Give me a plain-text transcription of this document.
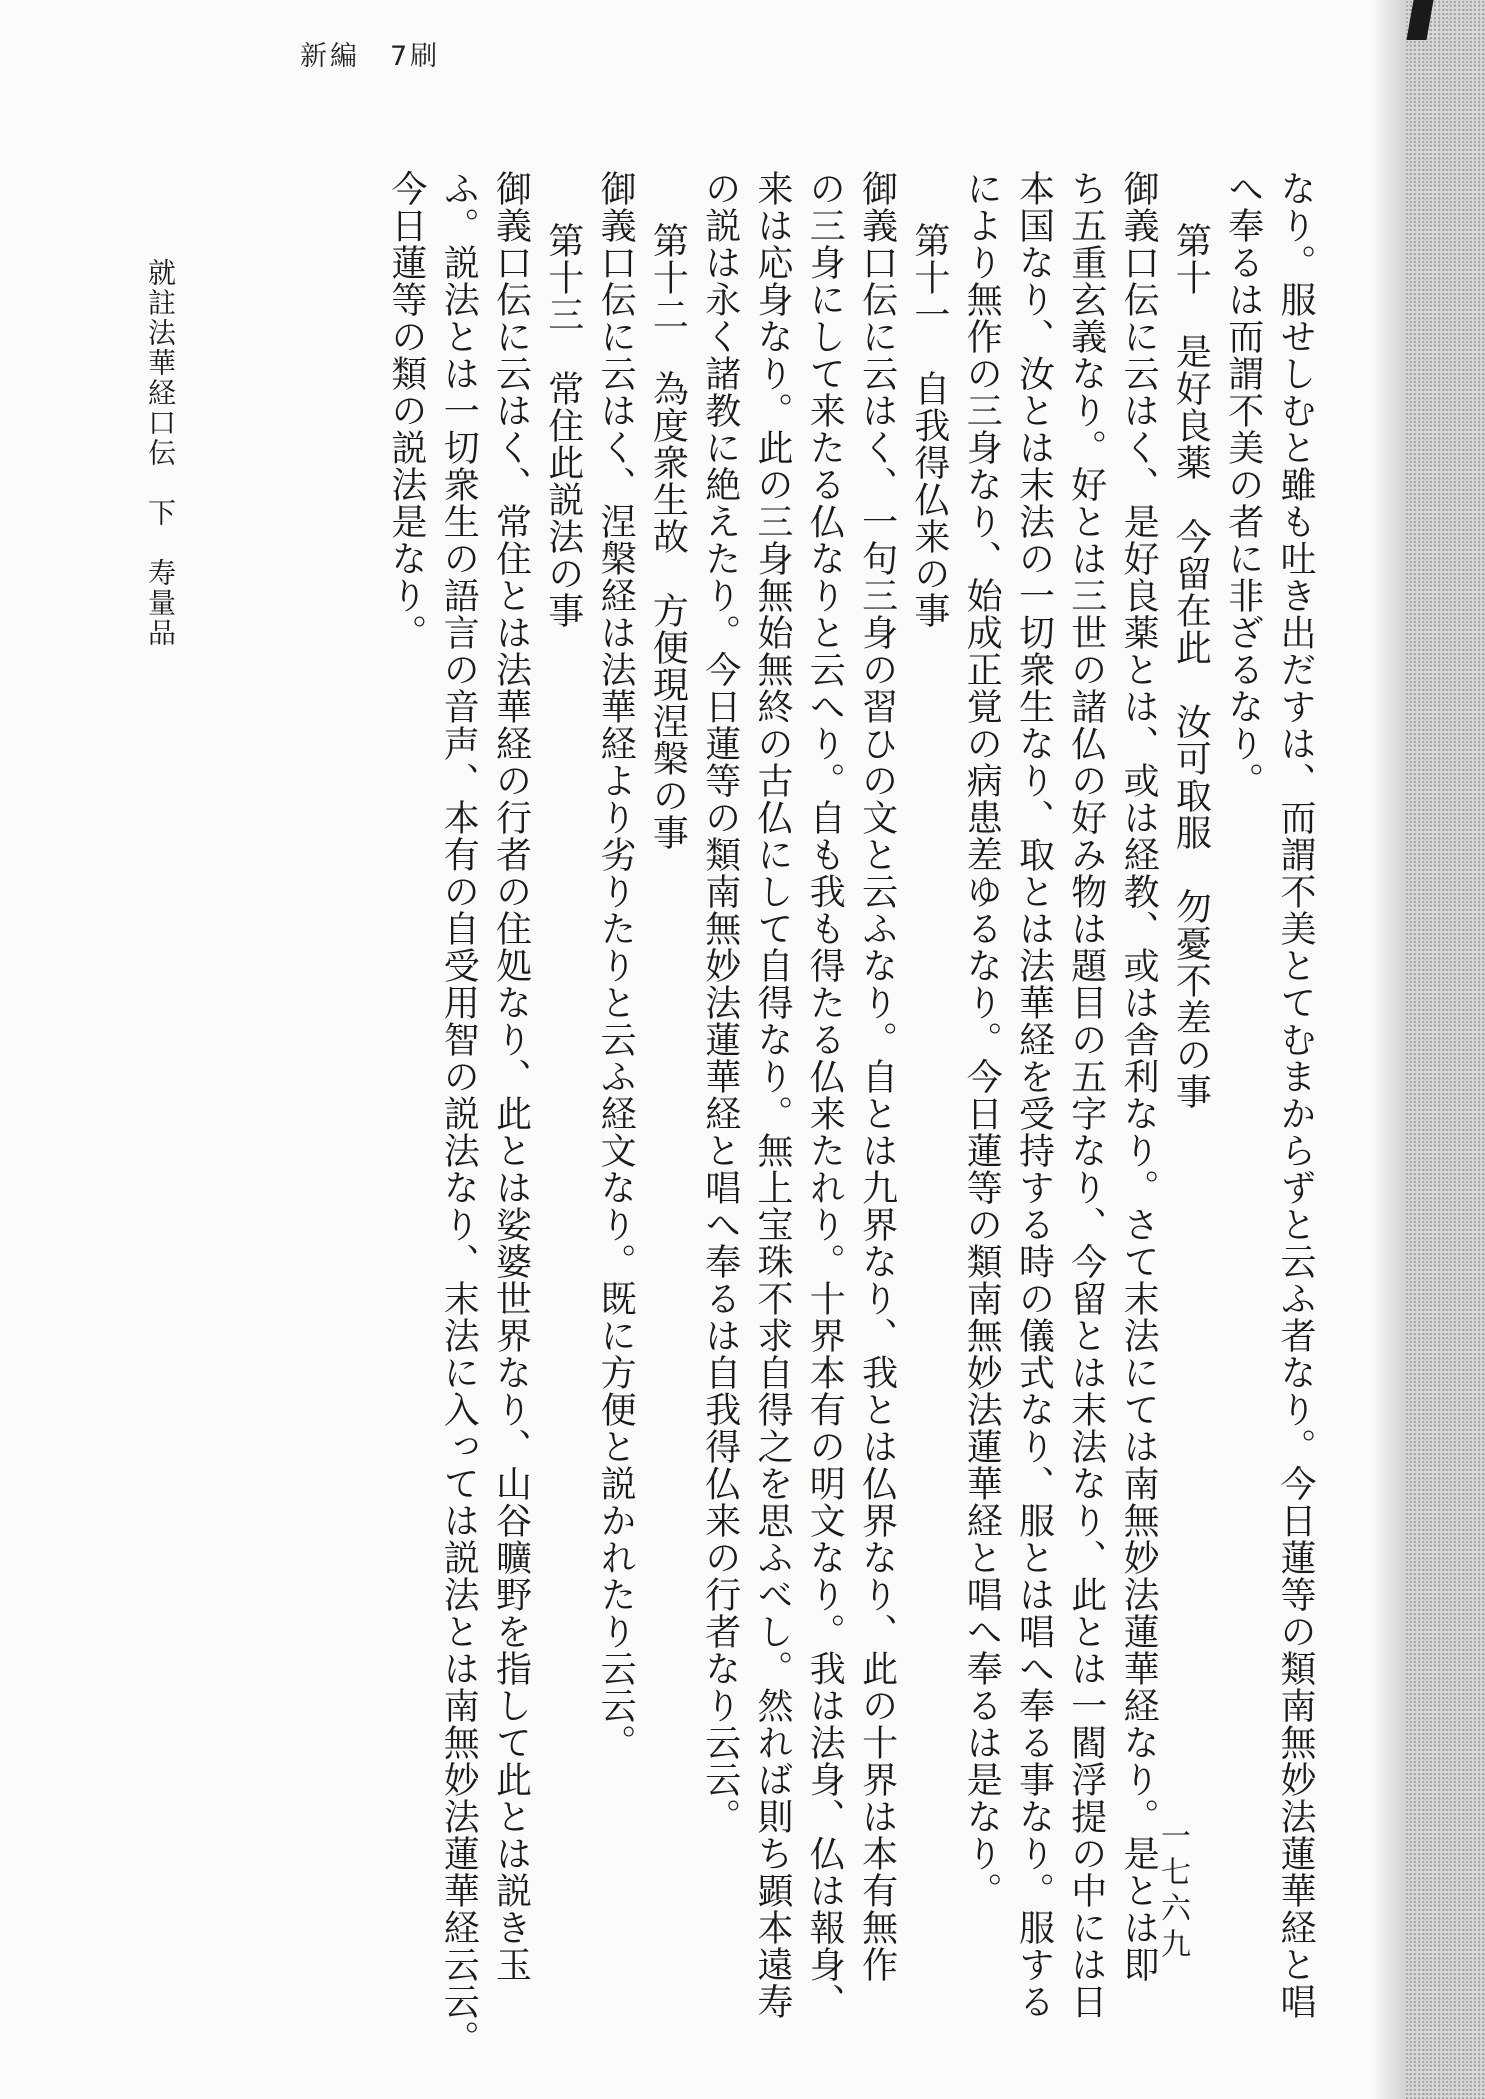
新編　7刷
なり。服せしむと雖も吐き出だすは、而謂不美とてむまからずと云ふ者なり。今日蓮等の類南無妙法蓮華経と唱
へ奉るは而謂不美の者に非ざるなり。
第十　是好良薬　今留在此　汝可取服　勿憂不差の事
御義口伝に云はく、是好良薬とは、或は経教、或は舎利なり。さて末法にては南無妙法蓮華経なり。是とは即
ち五重玄義なり。好とは三世の諸仏の好み物は題目の五字なり、今留とは末法なり、此とは一閻浮提の中には日
本国なり、汝とは末法の一切衆生なり、取とは法華経を受持する時の儀式なり、服とは唱へ奉る事なり。服する
により無作の三身なり、始成正覚の病患差ゆるなり。今日蓮等の類南無妙法蓮華経と唱へ奉るは是なり。
第十一　自我得仏来の事
御義口伝に云はく、一句三身の習ひの文と云ふなり。自とは九界なり、我とは仏界なり、此の十界は本有無作
の三身にして来たる仏なりと云へり。自も我も得たる仏来たれり。十界本有の明文なり。我は法身、仏は報身、
来は応身なり。此の三身無始無終の古仏にして自得なり。無上宝珠不求自得之を思ふべし。然れば則ち顕本遠寿
の説は永く諸教に絶えたり。今日蓮等の類南無妙法蓮華経と唱へ奉るは自我得仏来の行者なり云云。
第十二　為度衆生故　方便現涅槃の事
御義口伝に云はく、涅槃経は法華経より劣りたりと云ふ経文なり。既に方便と説かれたり云云。
第十三　常住此説法の事
御義口伝に云はく、常住とは法華経の行者の住処なり、此とは娑婆世界なり、山谷曠野を指して此とは説き玉
ふ。説法とは一切衆生の語言の音声、本有の自受用智の説法なり、末法に入っては説法とは南無妙法蓮華経云云。
今日蓮等の類の説法是なり。
就註法華経口伝　下　寿量品
一七六九
